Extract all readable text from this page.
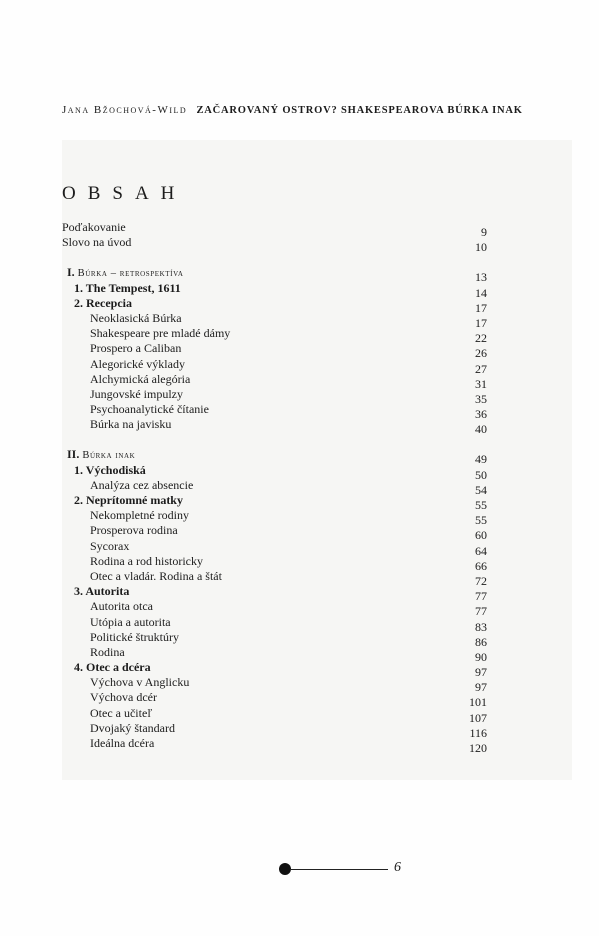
Jana Bžochová-Wild ZAČAROVANÝ OSTROV? SHAKESPEAROVA BÚRKA INAK
OBSAH
Poďakovanie	9
Slovo na úvod	10
I. Búrka – retrospektíva	13
1. The Tempest, 1611	14
2. Recepcia	17
Neoklasická Búrka	17
Shakespeare pre mladé dámy	22
Prospero a Caliban	26
Alegorické výklady	27
Alchymická alegória	31
Jungovské impulzy	35
Psychoanalytické čítanie	36
Búrka na javisku	40
II. Búrka inak	49
1. Východiská	50
Analýza cez absencie	54
2. Neprítomné matky	55
Nekompletné rodiny	55
Prosperova rodina	60
Sycorax	64
Rodina a rod historicky	66
Otec a vladár. Rodina a štát	72
3. Autorita	77
Autorita otca	77
Utópia a autorita	83
Politické štruktúry	86
Rodina	90
4. Otec a dcéra	97
Výchova v Anglicku	97
Výchova dcér	101
Otec a učiteľ	107
Dvojaký štandard	116
Ideálna dcéra	120
6
